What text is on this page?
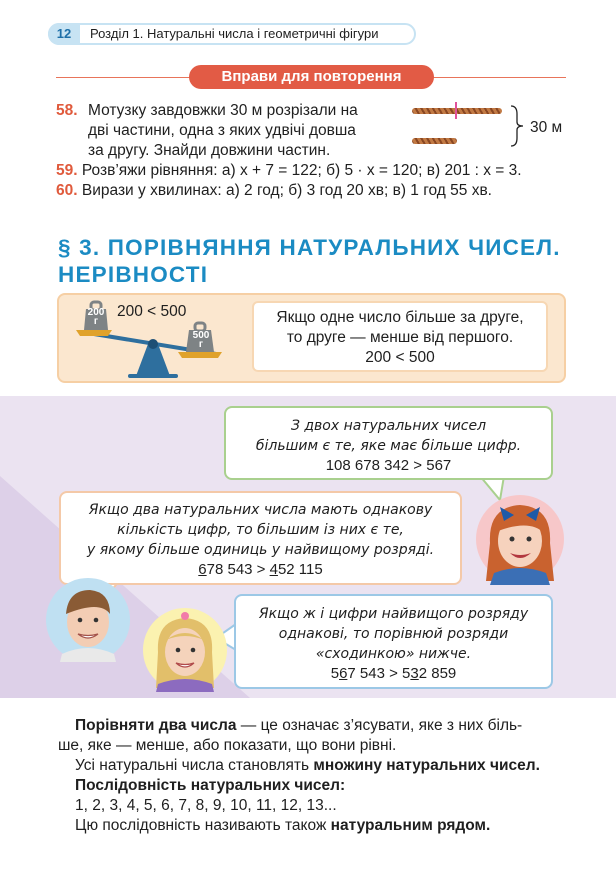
12	Розділ 1. Натуральні числа і геометричні фігури
Вправи для повторення
58. Мотузку завдовжки 30 м розрізали на
дві частини, одна з яких удвічі довша
за другу. Знайди довжини частин.
30 м
59. Розв’яжи рівняння: а) x + 7 = 122; б) 5 · x = 120; в) 201 : x = 3.
60. Вирази у хвилинах: а) 2 год; б) 3 год 20 хв; в) 1 год 55 хв.
§ 3. ПОРІВНЯННЯ НАТУРАЛЬНИХ ЧИСЕЛ.
НЕРІВНОСТІ
200
г
500
г
200 < 500	Якщо одне число більше за друге,
то друге — менше від першого.
200 < 500
З двох натуральних чисел
більшим є те, яке має більше цифр.
108 678 342 > 567
Якщо два натуральних числа мають однакову
кількість цифр, то більшим із них є те,
у якому більше одиниць у найвищому розряді.
678 543 > 452 115
Якщо ж і цифри найвищого розряду
однакові, то порівнюй розряди
«сходинкою» нижче.
567 543 > 532 859
Порівняти два числа — це означає з’ясувати, яке з них біль-
ше, яке — менше, або показати, що вони рівні.
Усі натуральні числа становлять множину натуральних чисел.
Послідовність натуральних чисел:
1, 2, 3, 4, 5, 6, 7, 8, 9, 10, 11, 12, 13...
Цю послідовність називають також натуральним рядом.
